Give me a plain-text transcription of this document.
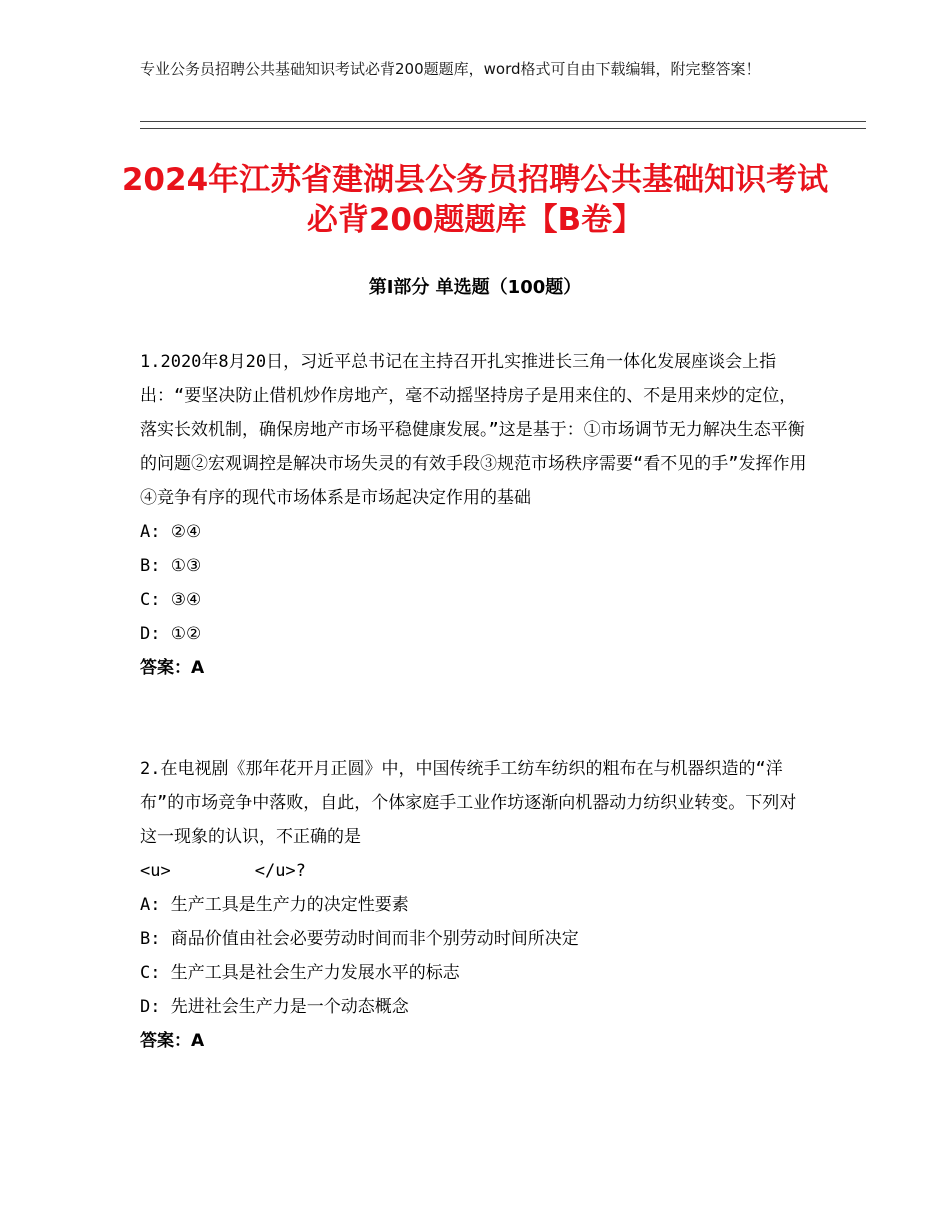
专业公务员招聘公共基础知识考试必背200题题库，word格式可自由下载编辑，附完整答案！
2024年江苏省建湖县公务员招聘公共基础知识考试必背200题题库【B卷】
第Ⅰ部分 单选题（100题）
1.2020年8月20日，习近平总书记在主持召开扎实推进长三角一体化发展座谈会上指出：“要坚决防止借机炒作房地产，毫不动摇坚持房子是用来住的、不是用来炒的定位，落实长效机制，确保房地产市场平稳健康发展。”这是基于：①市场调节无力解决生态平衡的问题②宏观调控是解决市场失灵的有效手段③规范市场秩序需要“看不见的手”发挥作用④竞争有序的现代市场体系是市场起决定作用的基础
A: ②④
B: ①③
C: ③④
D: ①②
答案：A
2.在电视剧《那年花开月正圆》中，中国传统手工纺车纺织的粗布在与机器织造的“洋布”的市场竞争中落败，自此，个体家庭手工业作坊逐渐向机器动力纺织业转变。下列对这一现象的认识，不正确的是
<u>	</u>?
A: 生产工具是生产力的决定性要素
B: 商品价值由社会必要劳动时间而非个别劳动时间所决定
C: 生产工具是社会生产力发展水平的标志
D: 先进社会生产力是一个动态概念
答案：A
